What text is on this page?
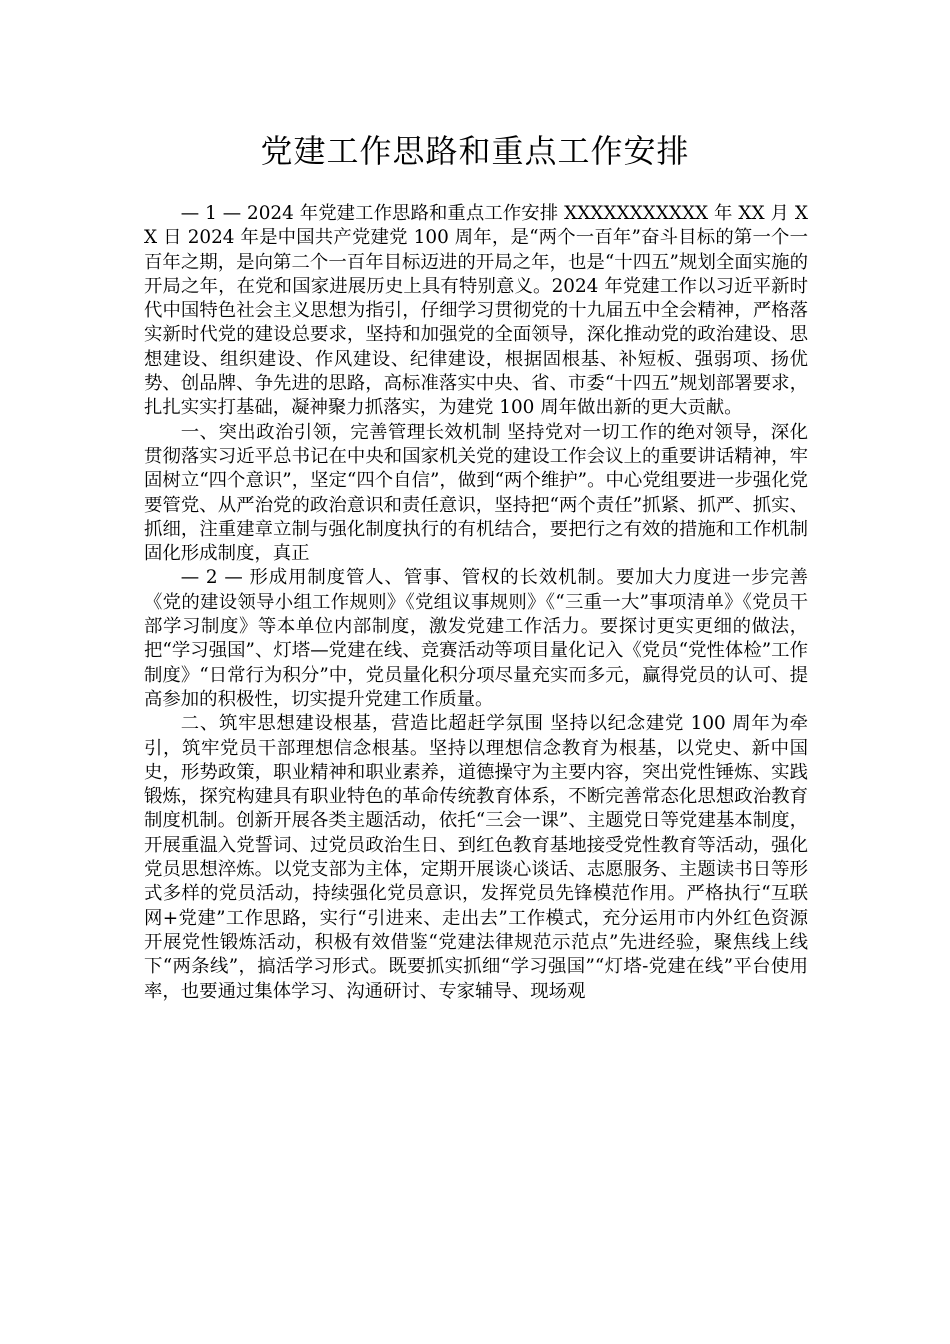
党建工作思路和重点工作安排

— 1 — 2024 年党建工作思路和重点工作安排 XXXXXXXXXXX 年 XX 月 XX 日 2024 年是中国共产党建党 100 周年，是“两个一百年”奋斗目标的第一个一百年之期，是向第二个一百年目标迈进的开局之年，也是“十四五”规划全面实施的开局之年，在党和国家进展历史上具有特别意义。2024 年党建工作以习近平新时代中国特色社会主义思想为指引，仔细学习贯彻党的十九届五中全会精神，严格落实新时代党的建设总要求，坚持和加强党的全面领导，深化推动党的政治建设、思想建设、组织建设、作风建设、纪律建设，根据固根基、补短板、强弱项、扬优势、创品牌、争先进的思路，高标准落实中央、省、市委“十四五”规划部署要求，扎扎实实打基础，凝神聚力抓落实，为建党 100 周年做出新的更大贡献。

一、突出政治引领，完善管理长效机制 坚持党对一切工作的绝对领导，深化贯彻落实习近平总书记在中央和国家机关党的建设工作会议上的重要讲话精神，牢固树立“四个意识”，坚定“四个自信”，做到“两个维护”。中心党组要进一步强化党要管党、从严治党的政治意识和责任意识，坚持把“两个责任”抓紧、抓严、抓实、抓细，注重建章立制与强化制度执行的有机结合，要把行之有效的措施和工作机制固化形成制度，真正

— 2 — 形成用制度管人、管事、管权的长效机制。要加大力度进一步完善《党的建设领导小组工作规则》《党组议事规则》《“三重一大”事项清单》《党员干部学习制度》等本单位内部制度，激发党建工作活力。要探讨更实更细的做法，把“学习强国”、灯塔—党建在线、竞赛活动等项目量化记入《党员“党性体检”工作制度》“日常行为积分”中，党员量化积分项尽量充实而多元，赢得党员的认可、提高参加的积极性，切实提升党建工作质量。

二、筑牢思想建设根基，营造比超赶学氛围 坚持以纪念建党 100 周年为牵引，筑牢党员干部理想信念根基。坚持以理想信念教育为根基，以党史、新中国史，形势政策，职业精神和职业素养，道德操守为主要内容，突出党性锤炼、实践锻炼，探究构建具有职业特色的革命传统教育体系，不断完善常态化思想政治教育制度机制。创新开展各类主题活动，依托“三会一课”、主题党日等党建基本制度，开展重温入党誓词、过党员政治生日、到红色教育基地接受党性教育等活动，强化党员思想淬炼。以党支部为主体，定期开展谈心谈话、志愿服务、主题读书日等形式多样的党员活动，持续强化党员意识，发挥党员先锋模范作用。严格执行“互联网+党建”工作思路，实行“引进来、走出去”工作模式，充分运用市内外红色资源开展党性锻炼活动，积极有效借鉴“党建法律规范示范点”先进经验，聚焦线上线下“两条线”，搞活学习形式。既要抓实抓细“学习强国”“灯塔-党建在线”平台使用率，也要通过集体学习、沟通研讨、专家辅导、现场观
